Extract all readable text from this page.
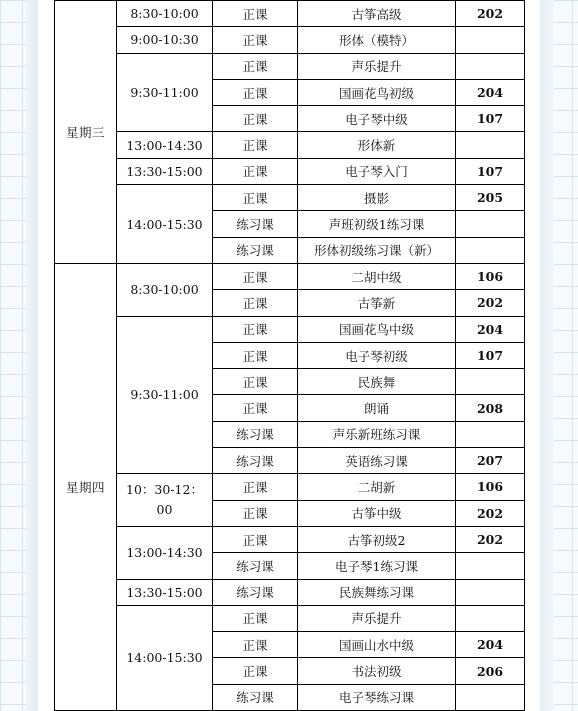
星期三	8:30-10:00	正课	古筝高级	202
	9:00-10:30	正课	形体（模特）	
	9:30-11:00	正课	声乐提升	
		正课	国画花鸟初级	204
		正课	电子琴中级	107
	13:00-14:30	正课	形体新	
	13:30-15:00	正课	电子琴入门	107
	14:00-15:30	正课	摄影	205
		练习课	声班初级1练习课	
		练习课	形体初级练习课（新）	
星期四	8:30-10:00	正课	二胡中级	106
		正课	古筝新	202
	9:30-11:00	正课	国画花鸟中级	204
		正课	电子琴初级	107
		正课	民族舞	
		正课	朗诵	208
		练习课	声乐新班练习课	
		练习课	英语练习课	207
	10：30-12：00	正课	二胡新	106
		正课	古筝中级	202
	13:00-14:30	正课	古筝初级2	202
		练习课	电子琴1练习课	
	13:30-15:00	练习课	民族舞练习课	
	14:00-15:30	正课	声乐提升	
		正课	国画山水中级	204
		正课	书法初级	206
		练习课	电子琴练习课	
